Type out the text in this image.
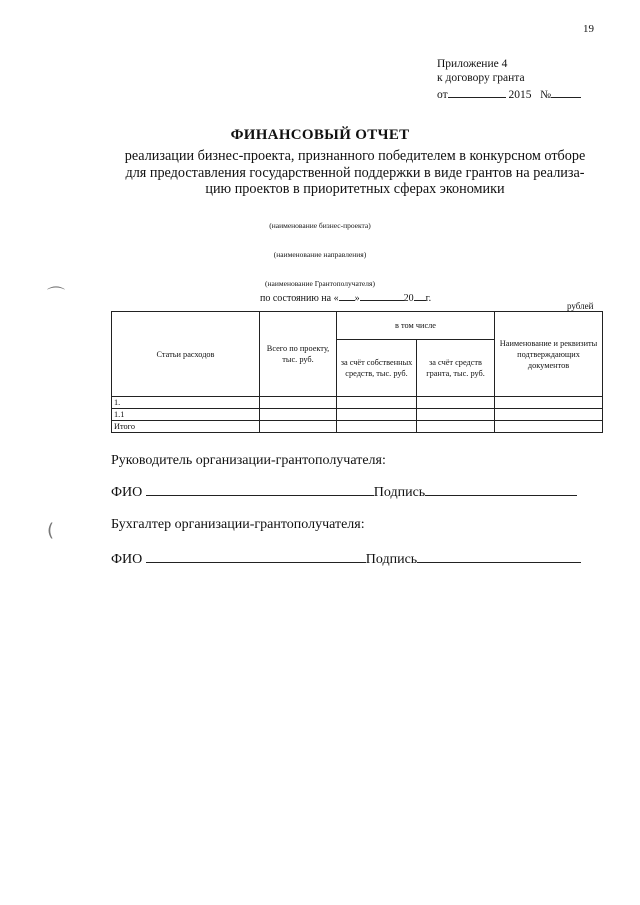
19
Приложение 4
к договору гранта
от	2015 №
ФИНАНСОВЫЙ ОТЧЕТ
реализации бизнес-проекта, признанного победителем в конкурсном отборе
для предоставления государственной поддержки в виде грантов на реализа-
цию проектов в приоритетных сферах экономики
(наименование бизнес-проекта)
(наименование направления)
(наименование Грантополучателя)
по состоянию на « »	20 г.
рублей
⌒
(
Статьи расходов	Всего по проекту, тыс. руб.	в том числе		Наименование и реквизиты подтверждающих документов
		за счёт собственных средств, тыс. руб.	за счёт средств гранта, тыс. руб.	
1.				
1.1				
Итого				
Руководитель организации-грантополучателя:
ФИО	Подпись
Бухгалтер организации-грантополучателя:
ФИО	Подпись
